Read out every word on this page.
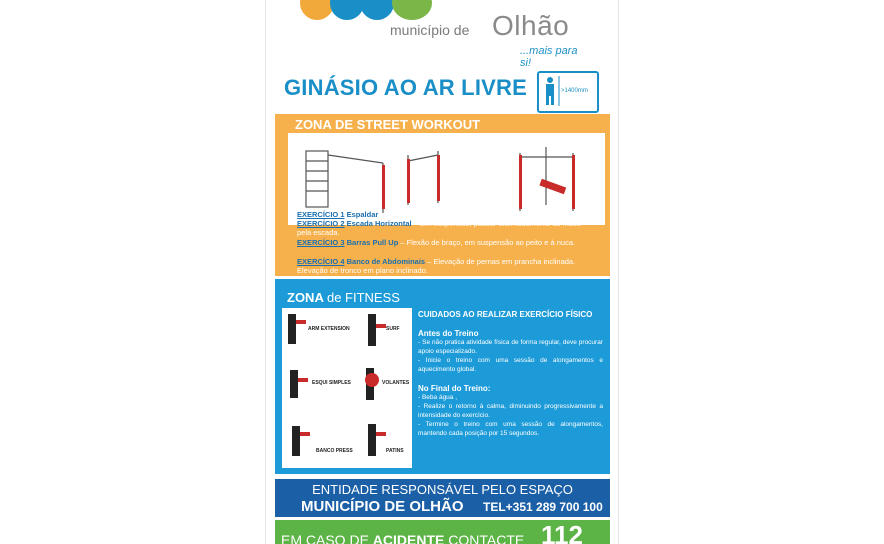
município de Olhão
...mais para si!
GINÁSIO AO AR LIVRE	>1400mm
ZONA DE STREET WORKOUT
EXERCÍCIO 1 Espaldar – Alongamento completo.
EXERCÍCIO 2 Escada Horizontal – Em suspensão, passar alternadamente as mãos pela escada.
EXERCÍCIO 3 Barras Pull Up – Flexão de braço, em suspensão ao peito e à nuca.
EXERCÍCIO 4 Banco de Abdominais – Elevação de pernas em prancha inclinada. Elevação de tronco em plano inclinado.
ZONA de FITNESS
ARM EXTENSION	SURF
ESQUI SIMPLES	VOLANTES
BANCO PRESS	PATINS
CUIDADOS AO REALIZAR EXERCÍCIO FÍSICO
Antes do Treino

- Se não pratica atividade física de forma regular, deve procurar apoio especializado.

- Inicie o treino com uma sessão de alongamentos e aquecimento global.

No Final do Treino:

- Beba água ,

- Realize o retorno à calma, diminuindo progressivamente a intensidade do exercício.

- Termine o treino com uma sessão de alongamentos, mantendo cada posição por 15 segundos.

ENTIDADE RESPONSÁVEL PELO ESPAÇO
MUNICÍPIO DE OLHÃO TEL+351 289 700 100
EM CASO DE ACIDENTE CONTACTE 112
